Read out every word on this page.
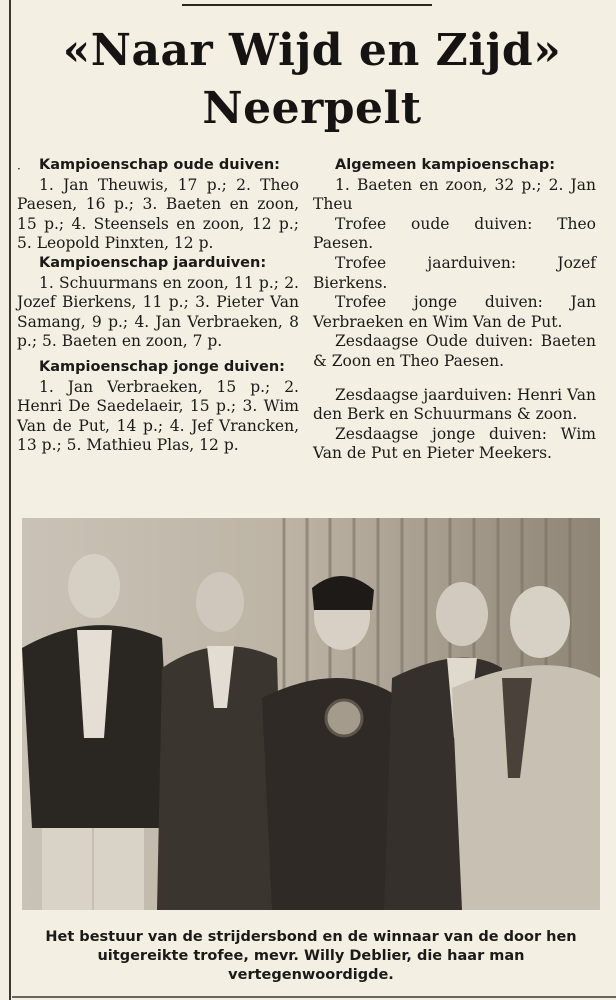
«Naar Wijd en Zijd»
Neerpelt
·	Kampioenschap oude duiven:

1. Jan Theuwis, 17 p.; 2. Theo Paesen, 16 p.; 3. Baeten en zoon, 15 p.; 4. Steensels en zoon, 12 p.; 5. Leopold Pinxten, 12 p.

Kampioenschap jaarduiven:

1. Schuurmans en zoon, 11 p.; 2. Jozef Bierkens, 11 p.; 3. Pieter Van Samang, 9 p.; 4. Jan Verbraeken, 8 p.; 5. Baeten en zoon, 7 p.

Kampioenschap jonge duiven:

1. Jan Verbraeken, 15 p.; 2. Henri De Saedelaeir, 15 p.; 3. Wim Van de Put, 14 p.; 4. Jef Vrancken, 13 p.; 5. Mathieu Plas, 12 p.

Algemeen kampioenschap:

1. Baeten en zoon, 32 p.; 2. Jan Theu

Trofee oude duiven: Theo Paesen.

Trofee jaarduiven: Jozef Bierkens.

Trofee jonge duiven: Jan Verbraeken en Wim Van de Put.

Zesdaagse Oude duiven: Baeten & Zoon en Theo Paesen.

Zesdaagse jaarduiven: Henri Van den Berk en Schuurmans & zoon.

Zesdaagse jonge duiven: Wim Van de Put en Pieter Meekers.

Het bestuur van de strijdersbond en de winnaar van de door hen uitgereikte trofee, mevr. Willy Deblier, die haar man vertegenwoordigde.
